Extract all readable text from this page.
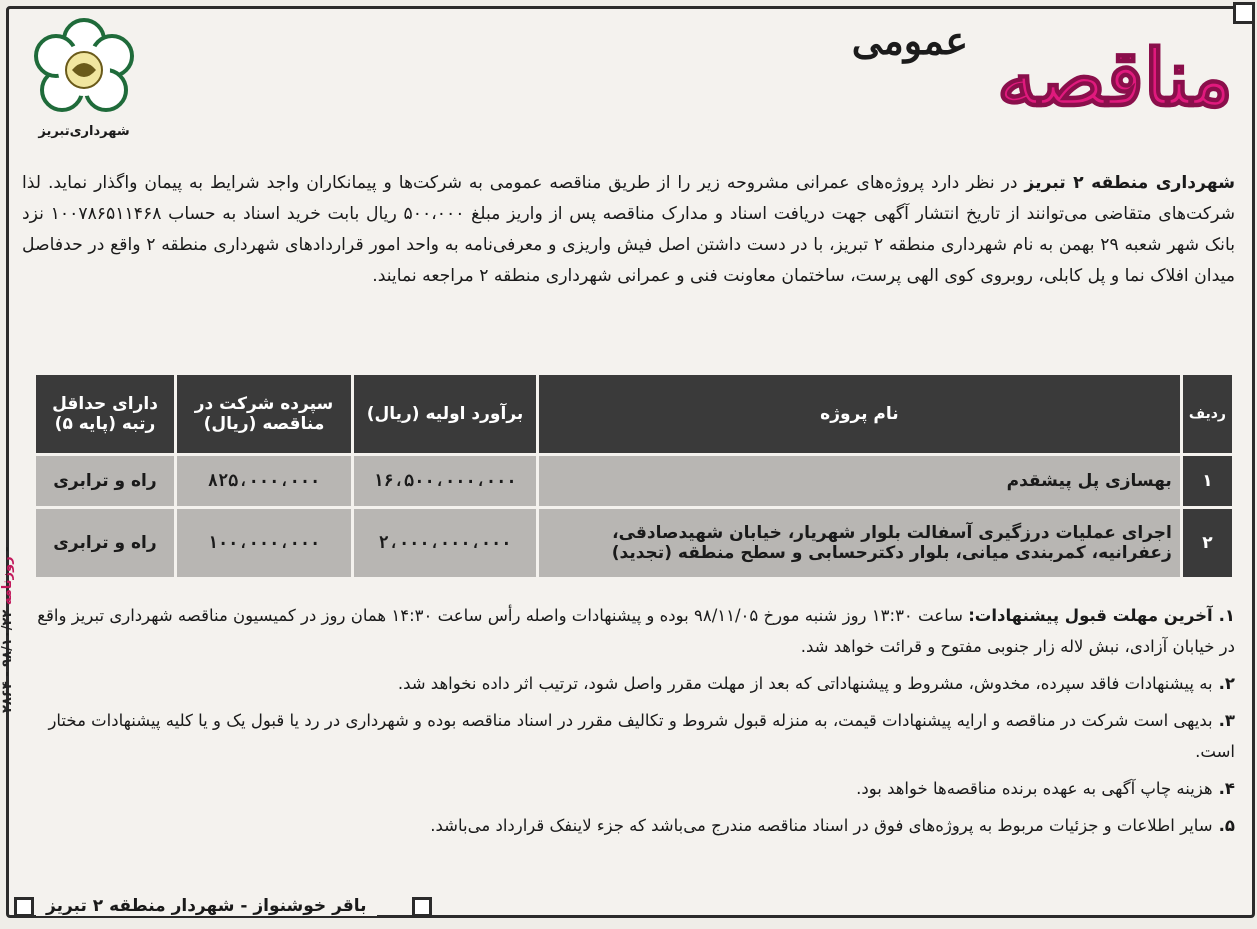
روزنامه ۹۸/۱۰/۲۲ - ۲۸۶۴ -
شهرداری‌تبریز
عمومی مناقصه
شهرداری منطقه ۲ تبریز در نظر دارد پروژه‌های عمرانی مشروحه زیر را از طریق مناقصه عمومی به شرکت‌ها و پیمانکاران واجد شرایط به پیمان واگذار نماید. لذا شرکت‌های متقاضی می‌توانند از تاریخ انتشار آگهی جهت دریافت اسناد و مدارک مناقصه پس از واریز مبلغ ۵۰۰،۰۰۰ ریال بابت خرید اسناد به حساب ۱۰۰۷۸۶۵۱۱۴۶۸ نزد بانک شهر شعبه ۲۹ بهمن به نام شهرداری منطقه ۲ تبریز، با در دست داشتن اصل فیش واریزی و معرفی‌نامه به واحد امور قراردادهای شهرداری منطقه ۲ واقع در حدفاصل میدان افلاک نما و پل کابلی، روبروی کوی الهی پرست، ساختمان معاونت فنی و عمرانی شهرداری منطقه ۲ مراجعه نمایند.
ردیف	نام پروژه	برآورد اولیه (ریال)	سپرده شرکت در مناقصه (ریال)	دارای حداقل رتبه (پایه ۵)
۱	بهسازی پل پیشقدم	۱۶،۵۰۰،۰۰۰،۰۰۰	۸۲۵،۰۰۰،۰۰۰	راه و ترابری
۲	اجرای عملیات درزگیری آسفالت بلوار شهریار، خیابان شهیدصادقی، زعفرانیه، کمربندی میانی، بلوار دکترحسابی و سطح منطقه (تجدید)	۲،۰۰۰،۰۰۰،۰۰۰	۱۰۰،۰۰۰،۰۰۰	راه و ترابری
۱.آخرین مهلت قبول پیشنهادات: ساعت ۱۳:۳۰ روز شنبه مورخ ۹۸/۱۱/۰۵ بوده و پیشنهادات واصله رأس ساعت ۱۴:۳۰ همان روز در کمیسیون مناقصه شهرداری تبریز واقع در خیابان آزادی، نبش لاله زار جنوبی مفتوح و قرائت خواهد شد.
۲.به پیشنهادات فاقد سپرده، مخدوش، مشروط و پیشنهاداتی که بعد از مهلت مقرر واصل شود، ترتیب اثر داده نخواهد شد.
۳.بدیهی است شرکت در مناقصه و ارایه پیشنهادات قیمت، به منزله قبول شروط و تکالیف مقرر در اسناد مناقصه بوده و شهرداری در رد یا قبول یک و یا کلیه پیشنهادات مختار است.
۴.هزینه چاپ آگهی به عهده برنده مناقصه‌ها خواهد بود.
۵.سایر اطلاعات و جزئیات مربوط به پروژه‌های فوق در اسناد مناقصه مندرج می‌باشد که جزء لاینفک قرارداد می‌باشد.
باقر خوشنواز - شهردار منطقه ۲ تبریز
